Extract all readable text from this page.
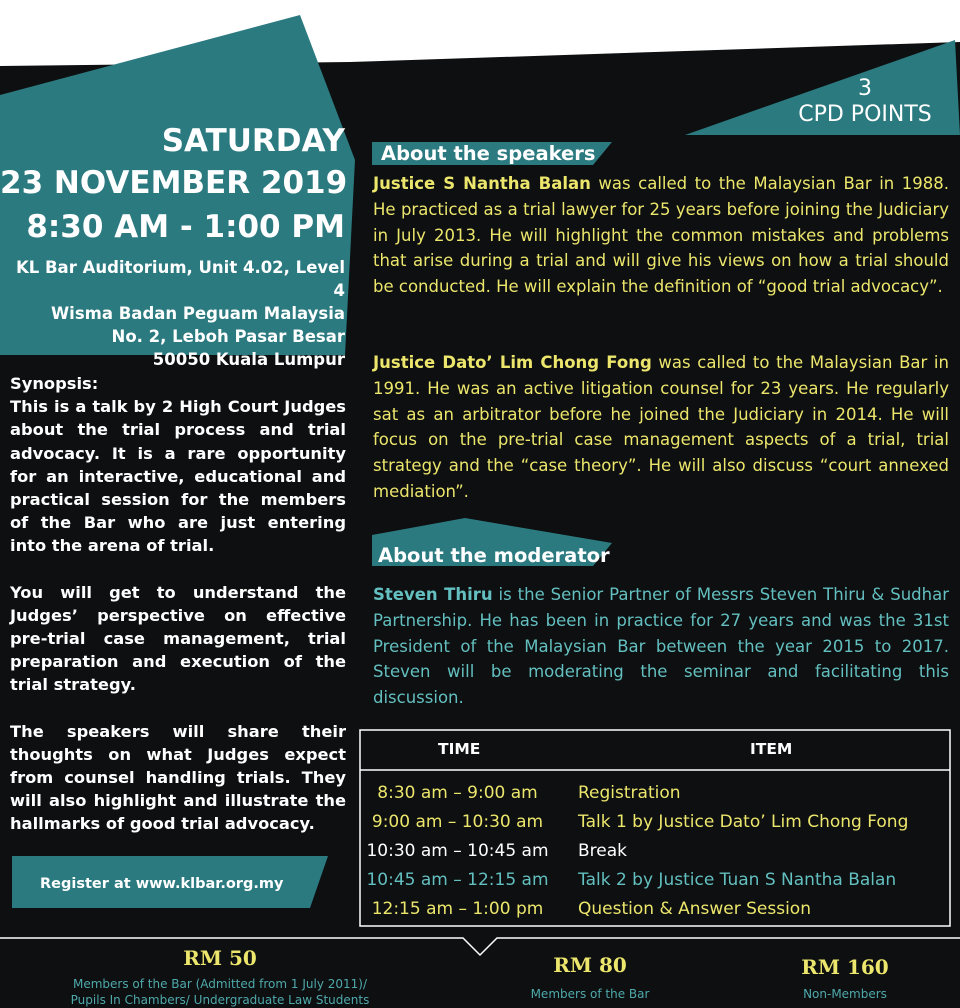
3
CPD POINTS
SATURDAY
23 NOVEMBER 2019
8:30 AM - 1:00 PM
KL Bar Auditorium, Unit 4.02, Level 4
Wisma Badan Peguam Malaysia
No. 2, Leboh Pasar Besar
50050 Kuala Lumpur

Synopsis:

This is a talk by 2 High Court Judges about the trial process and trial advocacy. It is a rare opportunity for an interactive, educational and practical session for the members of the Bar who are just entering into the arena of trial.

You will get to understand the Judges’ perspective on effective pre-trial case management, trial preparation and execution of the trial strategy.

The speakers will share their thoughts on what Judges expect from counsel handling trials. They will also highlight and illustrate the hallmarks of good trial advocacy.

Register at www.klbar.org.my
About the speakers
Justice S Nantha Balan was called to the Malaysian Bar in 1988. He practiced as a trial lawyer for 25 years before joining the Judiciary in July 2013. He will highlight the common mistakes and problems that arise during a trial and will give his views on how a trial should be conducted. He will explain the definition of “good trial advocacy”.
Justice Dato’ Lim Chong Fong was called to the Malaysian Bar in 1991. He was an active litigation counsel for 23 years. He regularly sat as an arbitrator before he joined the Judiciary in 2014. He will focus on the pre-trial case management aspects of a trial, trial strategy and the “case theory”. He will also discuss “court annexed mediation”.
About the moderator
Steven Thiru is the Senior Partner of Messrs Steven Thiru & Sudhar Partnership. He has been in practice for 27 years and was the 31st President of the Malaysian Bar between the year 2015 to 2017. Steven will be moderating the seminar and facilitating this discussion.
TIME	ITEM
8:30 am – 9:00 am	Registration
9:00 am – 10:30 am	Talk 1 by Justice Dato’ Lim Chong Fong
10:30 am – 10:45 am	Break
10:45 am – 12:15 am	Talk 2 by Justice Tuan S Nantha Balan
12:15 am – 1:00 pm	Question & Answer Session
RM 50
Members of the Bar (Admitted from 1 July 2011)/
Pupils In Chambers/ Undergraduate Law Students
RM 80
Members of the Bar
RM 160
Non-Members
